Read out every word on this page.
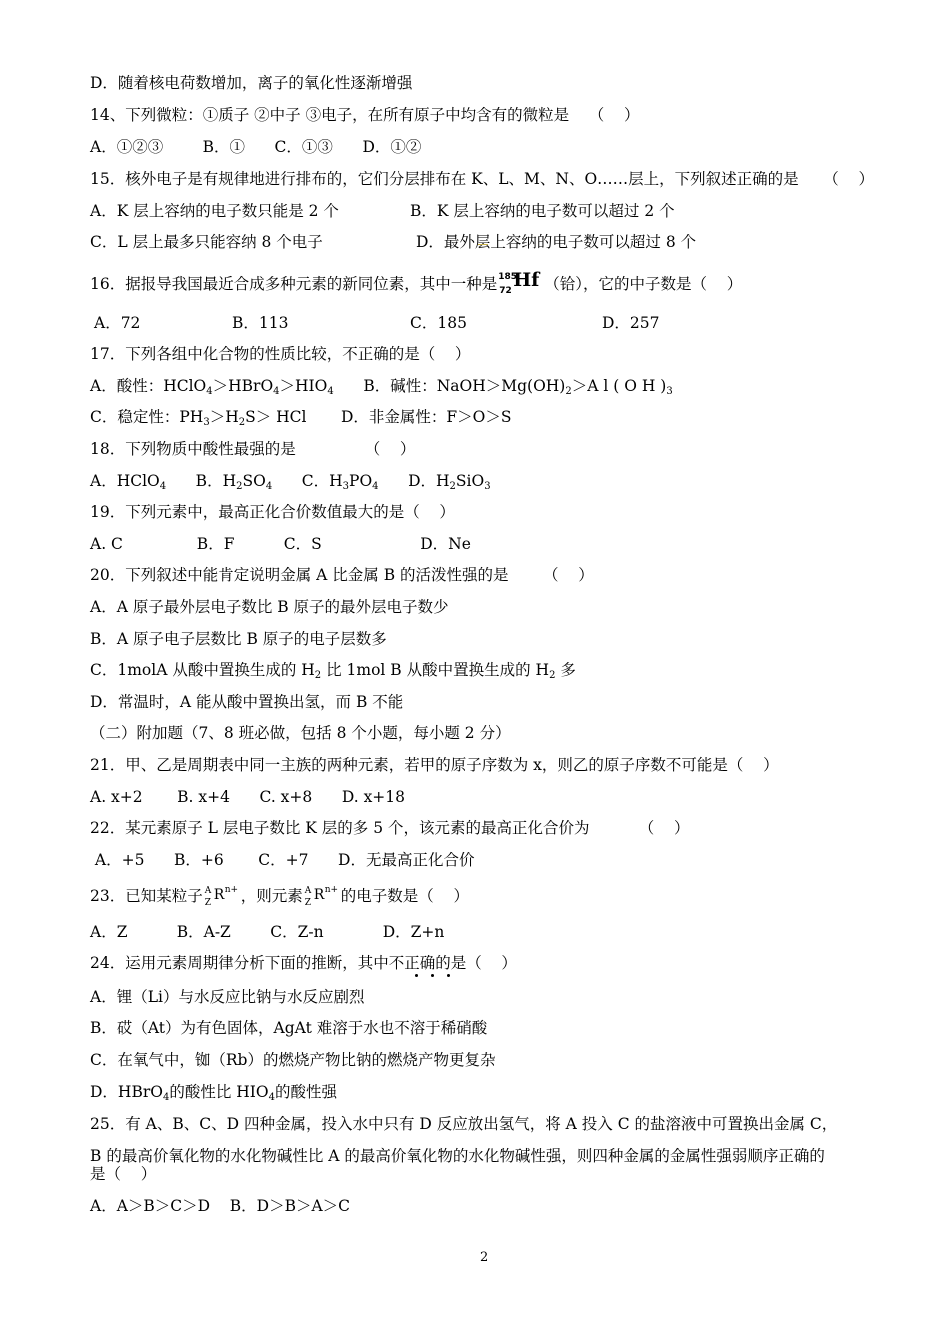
D．随着核电荷数增加，离子的氧化性逐渐增强
14、下列微粒：①质子 ②中子 ③电子，在所有原子中均含有的微粒是    （    ）
A．①②③        B．①      C．①③      D．①②
15．核外电子是有规律地进行排布的，它们分层排布在 K、L、M、N、O……层上，下列叙述正确的是     （    ）
A．K 层上容纳的电子数只能是 2 个	B．K 层上容纳的电子数可以超过 2 个
C．L 层上最多只能容纳 8 个电子	D．最外层上容纳的电子数可以超过 8 个
16．据报导我国最近合成多种元素的新同位素，其中一种是 185
72 Hf （铪），它的中子数是（    ）
A．72	B．113	C．185	D．257
17．下列各组中化合物的性质比较，不正确的是（    ）
A．酸性：$HClO_4>HBrO_4>HIO_4$      B．碱性：$NaOH>Mg(OH)_2>A$ l ( O H )$_3$
C．稳定性：$PH_3>H_2S>$ HCl       D．非金属性：F＞O＞S
18．下列物质中酸性最强的是              （    ）
A．HClO$_4$      B．$H_2SO_4$      C．$H_3PO_4$      D．$H_2SiO_3$
19．下列元素中，最高正化合价数值最大的是（    ）
A. C               B．F          C．S                    D．Ne
20．下列叙述中能肯定说明金属 A 比金属 B 的活泼性强的是       （    ）
A．A 原子最外层电子数比 B 原子的最外层电子数少
B．A 原子电子层数比 B 原子的电子层数多
C．1molA 从酸中置换生成的 $H_2$ 比 1mol B 从酸中置换生成的 $H_2$ 多
D．常温时，A 能从酸中置换出氢，而 B 不能
（二）附加题（7、8 班必做，包括 8 个小题，每小题 2 分）
21．甲、乙是周期表中同一主族的两种元素，若甲的原子序数为 x，则乙的原子序数不可能是（    ）
A. x+2       B. x+4      C. x+8      D. x+18
22．某元素原子 L 层电子数比 K 层的多 5 个，该元素的最高正化合价为          （    ）
A．+5      B．+6       C．+7      D．无最高正化合价
23．已知某粒子 A
Z R n+ ，则元素 A
Z R n+ 的电子数是（    ）
A．Z          B．A-Z        C．Z-n            D．Z+n
24．运用元素周期律分析下面的推断，其中不正确的是（    ）
A．锂（Li）与水反应比钠与水反应剧烈
B．砹（At）为有色固体，AgAt 难溶于水也不溶于稀硝酸
C．在氧气中，铷（Rb）的燃烧产物比钠的燃烧产物更复杂
D．HBrO$_4$的酸性比 $HIO_4$的酸性强
25．有 A、B、C、D 四种金属，投入水中只有 D 反应放出氢气，将 A 投入 C 的盐溶液中可置换出金属 C，
B 的最高价氧化物的水化物碱性比 A 的最高价氧化物的水化物碱性强，则四种金属的金属性强弱顺序正确的
是（    ）
A．A＞B＞C＞D    B．D＞B＞A＞C
2
